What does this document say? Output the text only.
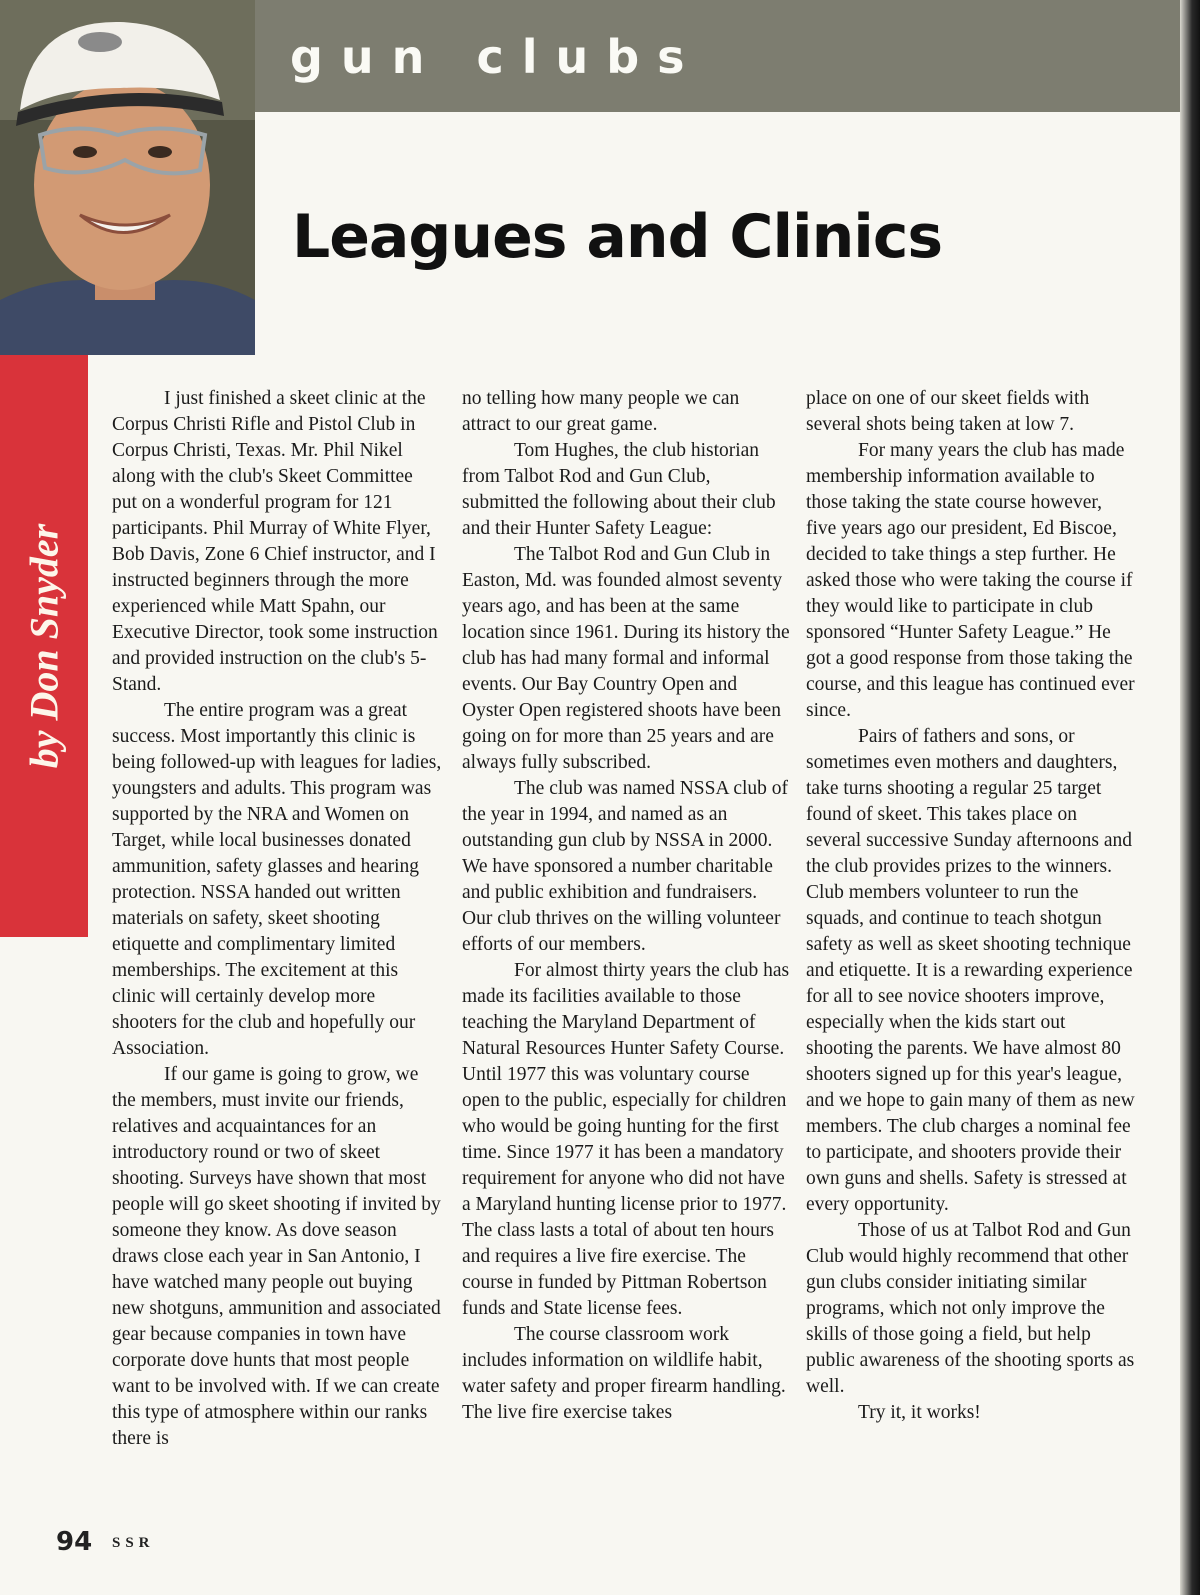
gun clubs
Leagues and Clinics
by Don Snyder

I just finished a skeet clinic at the Corpus Christi Rifle and Pistol Club in Corpus Christi, Texas. Mr. Phil Nikel along with the club's Skeet Committee put on a wonderful program for 121 participants. Phil Murray of White Flyer, Bob Davis, Zone 6 Chief instructor, and I instructed beginners through the more experienced while Matt Spahn, our Executive Director, took some instruction and provided instruction on the club's 5-Stand.

The entire program was a great success. Most importantly this clinic is being followed-up with leagues for ladies, youngsters and adults. This program was supported by the NRA and Women on Target, while local businesses donated ammunition, safety glasses and hearing protection. NSSA handed out written materials on safety, skeet shooting etiquette and complimentary limited memberships. The excitement at this clinic will certainly develop more shooters for the club and hopefully our Association.

If our game is going to grow, we the members, must invite our friends, relatives and acquaintances for an introductory round or two of skeet shooting. Surveys have shown that most people will go skeet shooting if invited by someone they know. As dove season draws close each year in San Antonio, I have watched many people out buying new shotguns, ammunition and associated gear because companies in town have corporate dove hunts that most people want to be involved with. If we can create this type of atmosphere within our ranks there is

no telling how many people we can attract to our great game.

Tom Hughes, the club historian from Talbot Rod and Gun Club, submitted the following about their club and their Hunter Safety League:

The Talbot Rod and Gun Club in Easton, Md. was founded almost seventy years ago, and has been at the same location since 1961. During its history the club has had many formal and informal events. Our Bay Country Open and Oyster Open registered shoots have been going on for more than 25 years and are always fully subscribed.

The club was named NSSA club of the year in 1994, and named as an outstanding gun club by NSSA in 2000. We have sponsored a number charitable and public exhibition and fundraisers. Our club thrives on the willing volunteer efforts of our members.

For almost thirty years the club has made its facilities available to those teaching the Maryland Department of Natural Resources Hunter Safety Course. Until 1977 this was voluntary course open to the public, especially for children who would be going hunting for the first time. Since 1977 it has been a mandatory requirement for anyone who did not have a Maryland hunting license prior to 1977. The class lasts a total of about ten hours and requires a live fire exercise. The course in funded by Pittman Robertson funds and State license fees.

The course classroom work includes information on wildlife habit, water safety and proper firearm handling. The live fire exercise takes

place on one of our skeet fields with several shots being taken at low 7.

For many years the club has made membership information available to those taking the state course however, five years ago our president, Ed Biscoe, decided to take things a step further. He asked those who were taking the course if they would like to participate in club sponsored “Hunter Safety League.” He got a good response from those taking the course, and this league has continued ever since.

Pairs of fathers and sons, or sometimes even mothers and daughters, take turns shooting a regular 25 target found of skeet. This takes place on several successive Sunday afternoons and the club provides prizes to the winners. Club members volunteer to run the squads, and continue to teach shotgun safety as well as skeet shooting technique and etiquette. It is a rewarding experience for all to see novice shooters improve, especially when the kids start out shooting the parents. We have almost 80 shooters signed up for this year's league, and we hope to gain many of them as new members. The club charges a nominal fee to participate, and shooters provide their own guns and shells. Safety is stressed at every opportunity.

Those of us at Talbot Rod and Gun Club would highly recommend that other gun clubs consider initiating similar programs, which not only improve the skills of those going a field, but help public awareness of the shooting sports as well.

Try it, it works!

94 SSR
